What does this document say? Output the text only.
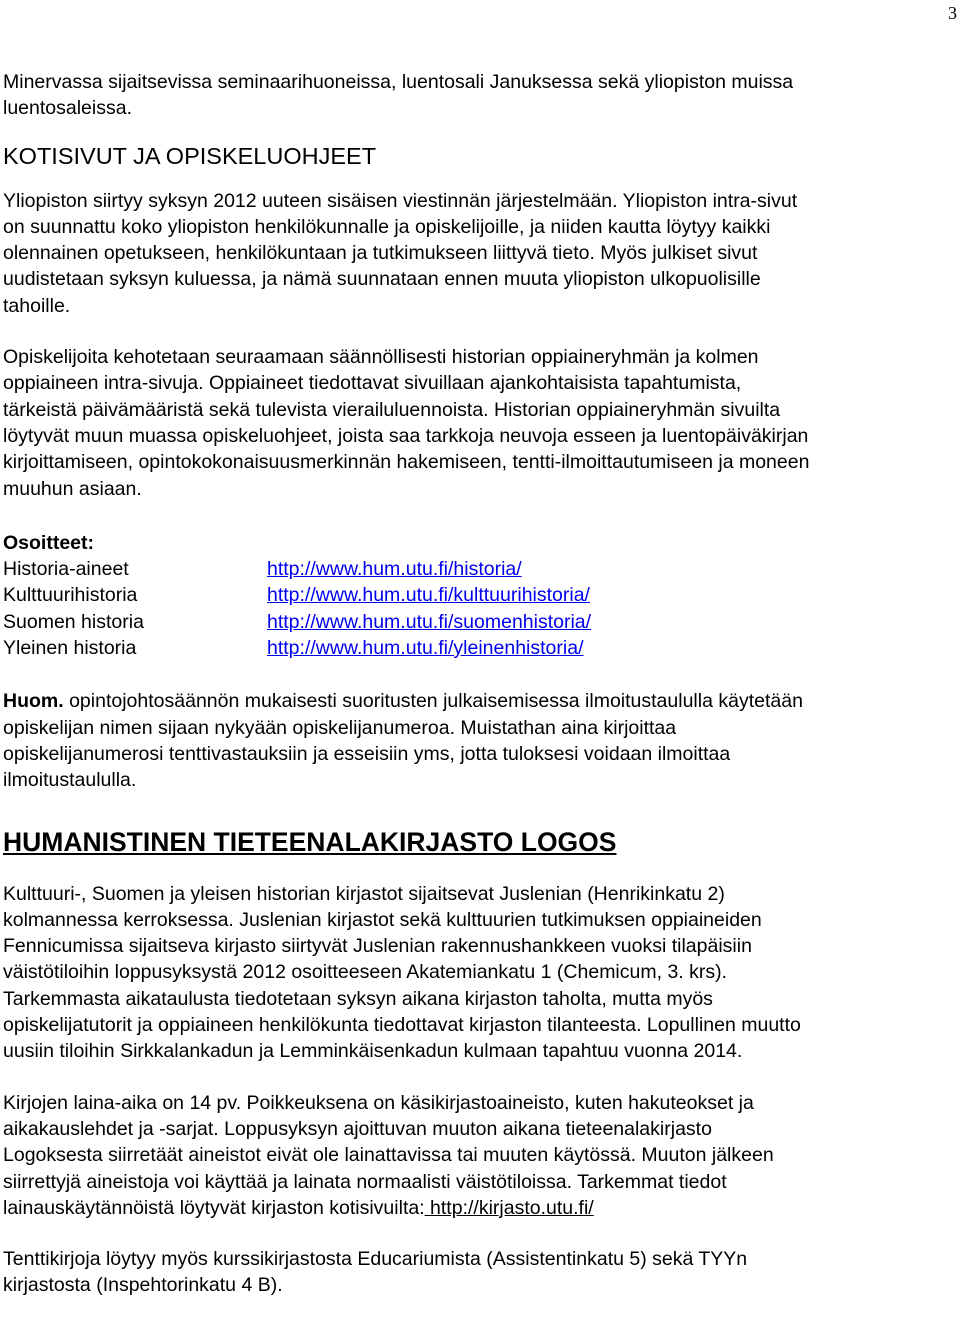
3

Minervassa sijaitsevissa seminaarihuoneissa, luentosali Januksessa sekä yliopiston muissa
luentosaleissa.

KOTISIVUT JA OPISKELUOHJEET

Yliopiston siirtyy syksyn 2012 uuteen sisäisen viestinnän järjestelmään. Yliopiston intra-sivut
on suunnattu koko yliopiston henkilökunnalle ja opiskelijoille, ja niiden kautta löytyy kaikki
olennainen opetukseen, henkilökuntaan ja tutkimukseen liittyvä tieto. Myös julkiset sivut
uudistetaan syksyn kuluessa, ja nämä suunnataan ennen muuta yliopiston ulkopuolisille
tahoille.

Opiskelijoita kehotetaan seuraamaan säännöllisesti historian oppiaineryhmän ja kolmen
oppiaineen intra-sivuja. Oppiaineet tiedottavat sivuillaan ajankohtaisista tapahtumista,
tärkeistä päivämääristä sekä tulevista vierailuluennoista. Historian oppiaineryhmän sivuilta
löytyvät muun muassa opiskeluohjeet, joista saa tarkkoja neuvoja esseen ja luentopäiväkirjan
kirjoittamiseen, opintokokonaisuusmerkinnän hakemiseen, tentti-ilmoittautumiseen ja moneen
muuhun asiaan.

Osoitteet:

Historia-aineet	http://www.hum.utu.fi/historia/
Kulttuurihistoria	http://www.hum.utu.fi/kulttuurihistoria/
Suomen historia	http://www.hum.utu.fi/suomenhistoria/
Yleinen historia	http://www.hum.utu.fi/yleinenhistoria/

Huom. opintojohtosäännön mukaisesti suoritusten julkaisemisessa ilmoitustaululla käytetään
opiskelijan nimen sijaan nykyään opiskelijanumeroa. Muistathan aina kirjoittaa
opiskelijanumerosi tenttivastauksiin ja esseisiin yms, jotta tuloksesi voidaan ilmoittaa
ilmoitustaululla.

HUMANISTINEN TIETEENALAKIRJASTO LOGOS

Kulttuuri-, Suomen ja yleisen historian kirjastot sijaitsevat Juslenian (Henrikinkatu 2)
kolmannessa kerroksessa. Juslenian kirjastot sekä kulttuurien tutkimuksen oppiaineiden
Fennicumissa sijaitseva kirjasto siirtyvät Juslenian rakennushankkeen vuoksi tilapäisiin
väistötiloihin loppusyksystä 2012 osoitteeseen Akatemiankatu 1 (Chemicum, 3. krs).
Tarkemmasta aikataulusta tiedotetaan syksyn aikana kirjaston taholta, mutta myös
opiskelijatutorit ja oppiaineen henkilökunta tiedottavat kirjaston tilanteesta. Lopullinen muutto
uusiin tiloihin Sirkkalankadun ja Lemminkäisenkadun kulmaan tapahtuu vuonna 2014.

Kirjojen laina-aika on 14 pv. Poikkeuksena on käsikirjastoaineisto, kuten hakuteokset ja
aikakauslehdet ja -sarjat. Loppusyksyn ajoittuvan muuton aikana tieteenalakirjasto
Logoksesta siirretäät aineistot eivät ole lainattavissa tai muuten käytössä. Muuton jälkeen
siirrettyjä aineistoja voi käyttää ja lainata normaalisti väistötiloissa. Tarkemmat tiedot
lainauskäytännöistä löytyvät kirjaston kotisivuilta: http://kirjasto.utu.fi/

Tenttikirjoja löytyy myös kurssikirjastosta Educariumista (Assistentinkatu 5) sekä TYYn
kirjastosta (Inspehtorinkatu 4 B).
